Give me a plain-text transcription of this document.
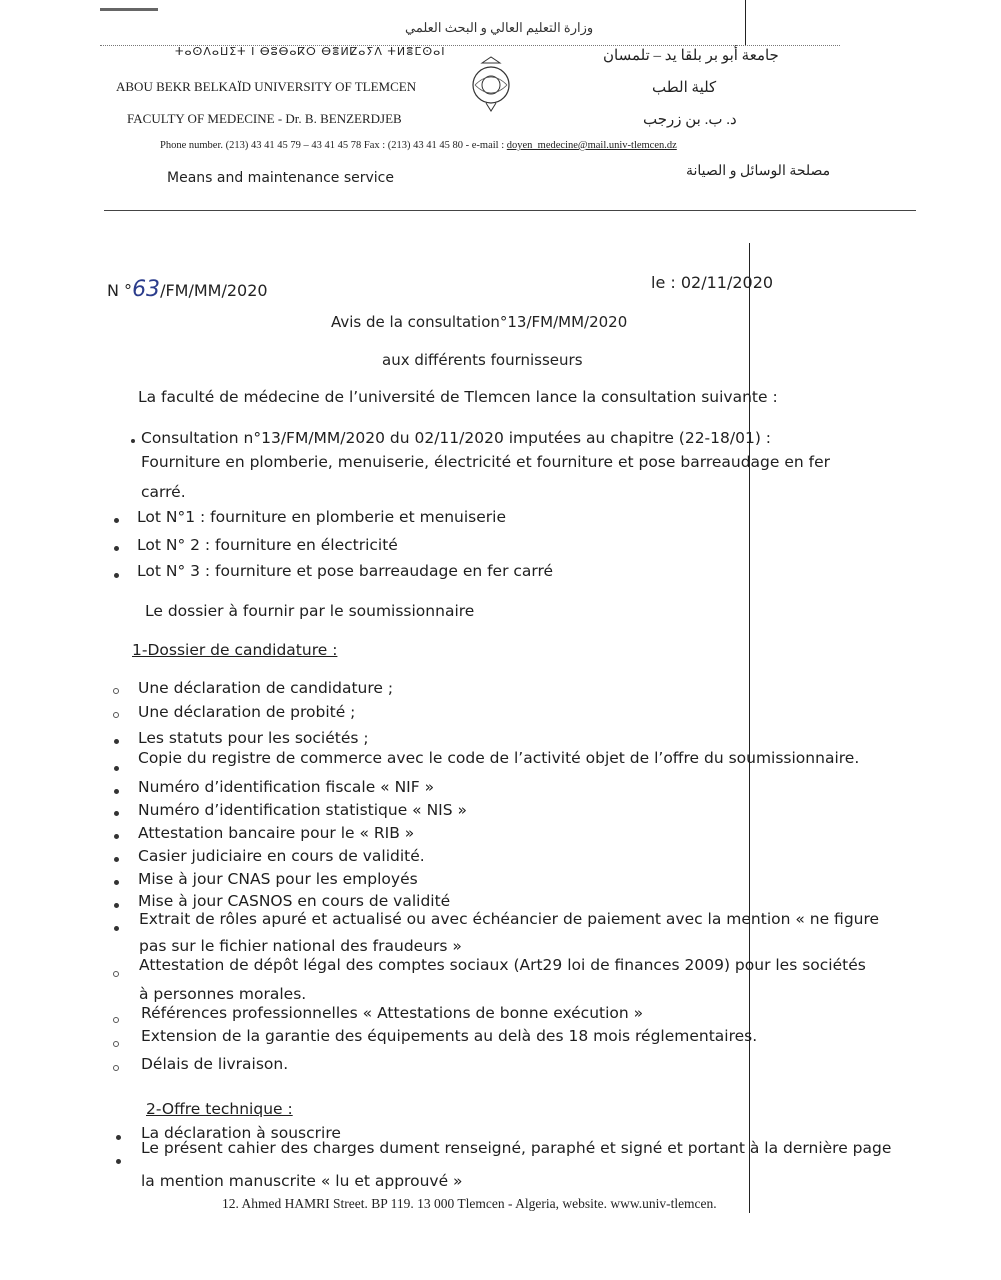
وزارة التعليم العالي و البحث العلمي
ⵜⴰⵙⴷⴰⵡⵉⵜ ⵏ ⴱⵓⴱⴰⴽⵔ ⴱⴻⵍⵇⴰⵢⴷ ⵜⵍⴻⵎⵙⴰⵏ
ABOU BEKR BELKAÏD UNIVERSITY OF TLEMCEN
FACULTY OF MEDECINE - Dr. B. BENZERDJEB
جامعة أبو بر بلقا يد – تلمسان
كلية الطب
د. ب. بن زرجب
Phone number. (213) 43 41 45 79 – 43 41 45 78 Fax : (213) 43 41 45 80 - e-mail : doyen_medecine@mail.univ-tlemcen.dz
Means and maintenance service	مصلحة الوسائل و الصيانة
N °63/FM/MM/2020	le : 02/11/2020
Avis de la consultation°13/FM/MM/2020
aux différents fournisseurs
La faculté de médecine de l’université de Tlemcen lance la consultation suivante :
Consultation n°13/FM/MM/2020 du 02/11/2020 imputées au chapitre (22-18/01) :
Fourniture en plomberie, menuiserie, électricité et fourniture et pose barreaudage en fer
carré.
Lot N°1 : fourniture en plomberie et menuiserie
Lot N° 2 : fourniture en électricité
Lot N° 3 : fourniture et pose barreaudage en fer carré
Le dossier à fournir par le soumissionnaire
1-Dossier de candidature :
Une déclaration de candidature ;
Une déclaration de probité ;
Les statuts pour les sociétés ;
Copie du registre de commerce avec le code de l’activité objet de l’offre du soumissionnaire.
Numéro d’identification fiscale « NIF »
Numéro d’identification statistique « NIS »
Attestation bancaire pour le « RIB »
Casier judiciaire en cours de validité.
Mise à jour CNAS pour les employés
Mise à jour CASNOS en cours de validité
Extrait de rôles apuré et actualisé ou avec échéancier de paiement avec la mention « ne figure
pas sur le fichier national des fraudeurs »
Attestation de dépôt légal des comptes sociaux (Art29 loi de finances 2009) pour les sociétés
à personnes morales.
Références professionnelles « Attestations de bonne exécution »
Extension de la garantie des équipements au delà des 18 mois réglementaires.
Délais de livraison.
2-Offre technique :
La déclaration à souscrire
Le présent cahier des charges dument renseigné, paraphé et signé et portant à la dernière page
la mention manuscrite « lu et approuvé »
12. Ahmed HAMRI Street. BP 119. 13 000 Tlemcen - Algeria, website. www.univ-tlemcen.
